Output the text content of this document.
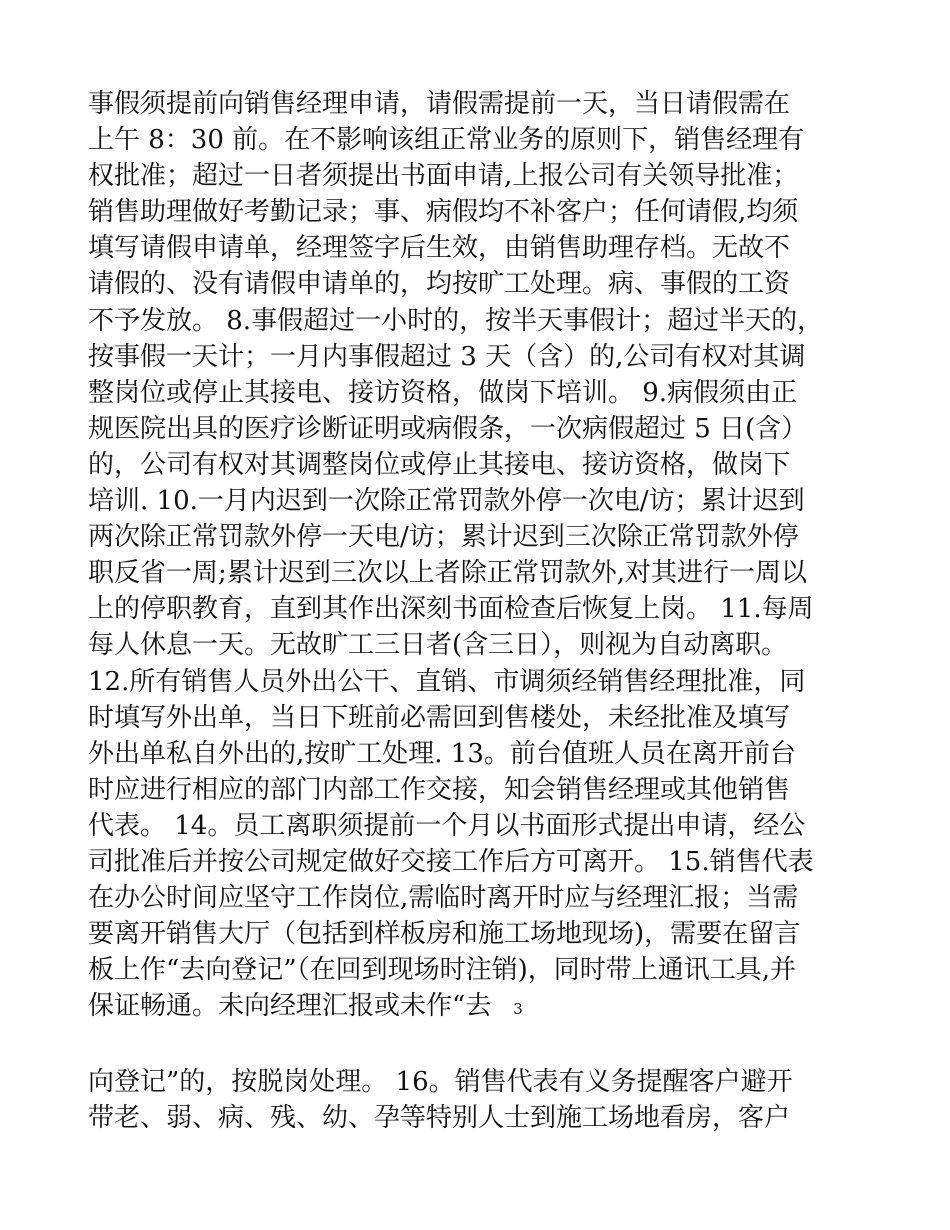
事假须提前向销售经理申请，请假需提前一天，当日请假需在
上午 8：30 前。在不影响该组正常业务的原则下，销售经理有
权批准；超过一日者须提出书面申请,上报公司有关领导批准；
销售助理做好考勤记录；事、病假均不补客户；任何请假,均须
填写请假申请单，经理签字后生效，由销售助理存档。无故不
请假的、没有请假申请单的，均按旷工处理。病、事假的工资
不予发放。 8.事假超过一小时的，按半天事假计；超过半天的，
按事假一天计；一月内事假超过 3 天（含）的,公司有权对其调
整岗位或停止其接电、接访资格，做岗下培训。 9.病假须由正
规医院出具的医疗诊断证明或病假条，一次病假超过 5 日(含）
的，公司有权对其调整岗位或停止其接电、接访资格，做岗下
培训. 10.一月内迟到一次除正常罚款外停一次电/访；累计迟到
两次除正常罚款外停一天电/访；累计迟到三次除正常罚款外停
职反省一周;累计迟到三次以上者除正常罚款外,对其进行一周以
上的停职教育，直到其作出深刻书面检查后恢复上岗。 11.每周
每人休息一天。无故旷工三日者(含三日），则视为自动离职。
12.所有销售人员外出公干、直销、市调须经销售经理批准，同
时填写外出单，当日下班前必需回到售楼处，未经批准及填写
外出单私自外出的,按旷工处理. 13。前台值班人员在离开前台
时应进行相应的部门内部工作交接，知会销售经理或其他销售
代表。 14。员工离职须提前一个月以书面形式提出申请，经公
司批准后并按公司规定做好交接工作后方可离开。 15.销售代表
在办公时间应坚守工作岗位,需临时离开时应与经理汇报；当需
要离开销售大厅（包括到样板房和施工场地现场)，需要在留言
板上作“去向登记”（在回到现场时注销)，同时带上通讯工具,并
保证畅通。未向经理汇报或未作“去 3
向登记”的，按脱岗处理。 16。销售代表有义务提醒客户避开
带老、弱、病、残、幼、孕等特别人士到施工场地看房，客户
